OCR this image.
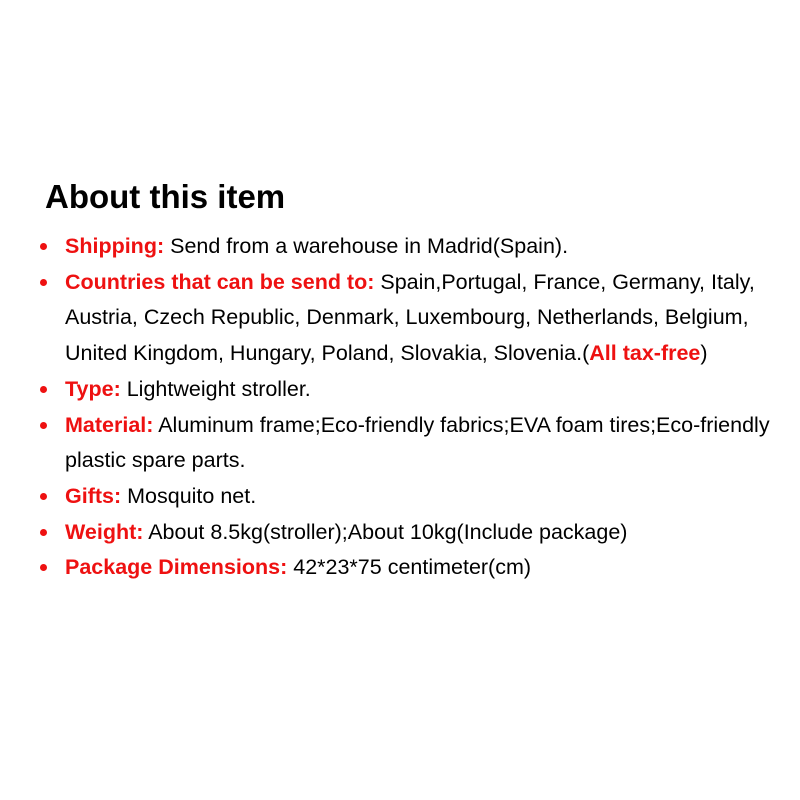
About this item
Shipping: Send from a warehouse in Madrid(Spain).
Countries that can be send to: Spain,Portugal, France, Germany, Italy, Austria, Czech Republic, Denmark, Luxembourg, Netherlands, Belgium, United Kingdom, Hungary, Poland, Slovakia, Slovenia.(All tax-free)
Type: Lightweight stroller.
Material: Aluminum frame;Eco-friendly fabrics;EVA foam tires;Eco-friendly plastic spare parts.
Gifts: Mosquito net.
Weight: About 8.5kg(stroller);About 10kg(Include package)
Package Dimensions: 42*23*75 centimeter(cm)
